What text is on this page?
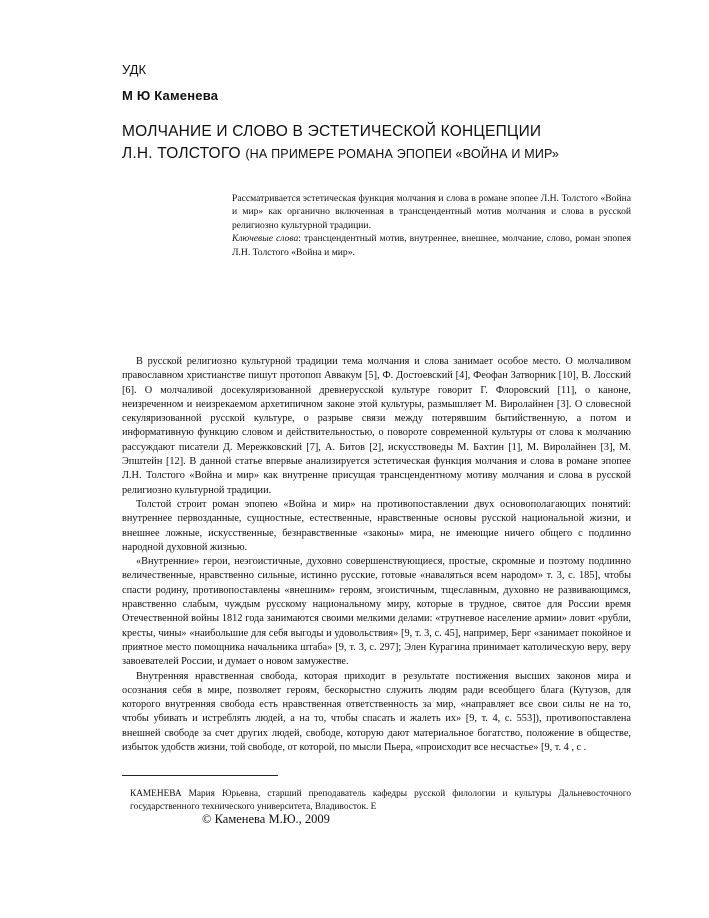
УДК
М Ю Каменева
МОЛЧАНИЕ И СЛОВО В ЭСТЕТИЧЕСКОЙ КОНЦЕПЦИИ
Л.Н. ТОЛСТОГО (НА ПРИМЕРЕ РОМАНА ЭПОПЕИ «ВОЙНА И МИР»

Рассматривается эстетическая функция молчания и слова в романе эпопее Л.Н. Толстого «Война и мир» как органично включенная в трансцендентный мотив молчания и слова в русской религиозно культурной традиции.

Ключевые слова: трансцендентный мотив, внутреннее, внешнее, молчание, слово, роман эпопея Л.Н. Толстого «Война и мир».

В русской религиозно культурной традиции тема молчания и слова занимает особое место. О молчаливом православном христианстве пишут протопоп Аввакум [5], Ф. Достоевский [4], Феофан Затворник [10], В. Лосский [6]. О молчаливой досекуляризованной древнерусской культуре говорит Г. Флоровский [11], о каноне, неизреченном и неизрекаемом архетипичном законе этой культуры, размышляет М. Виролайнен [3]. О словесной секуляризованной русской культуре, о разрыве связи между потерявшим бытийственную, а потом и информативную функцию словом и действительностью, о повороте современной культуры от слова к молчанию рассуждают писатели Д. Мережковский [7], А. Битов [2], искусствоведы М. Бахтин [1], М. Виролайнен [3], М. Эпштейн [12]. В данной статье впервые анализируется эстетическая функция молчания и слова в романе эпопее Л.Н. Толстого «Война и мир» как внутренне присущая трансцендентному мотиву молчания и слова в русской религиозно культурной традиции.

Толстой строит роман эпопею «Война и мир» на противопоставлении двух основополагающих понятий: внутреннее первозданные, сущностные, естественные, нравственные основы русской национальной жизни, и внешнее ложные, искусственные, безнравственные «законы» мира, не имеющие ничего общего с подлинно народной духовной жизнью.

«Внутренние» герои, неэгоистичные, духовно совершенствующиеся, простые, скромные и поэтому подлинно величественные, нравственно сильные, истинно русские, готовые «наваляться всем народом» т. 3, с. 185], чтобы спасти родину, противопоставлены «внешним» героям, эгоистичным, тщеславным, духовно не развивающимся, нравственно слабым, чуждым русскому национальному миру, которые в трудное, святое для России время Отечественной войны 1812 года занимаются своими мелкими делами: «трутневое население армии» ловит «рубли, кресты, чины» «наибольшие для себя выгоды и удовольствия» [9, т. 3, с. 45], например, Берг «занимает покойное и приятное место помощника начальника штаба» [9, т. 3, с. 297]; Элен Курагина принимает католическую веру, веру завоевателей России, и думает о новом замужестве.

Внутренняя нравственная свобода, которая приходит в результате постижения высших законов мира и осознания себя в мире, позволяет героям, бескорыстно служить людям ради всеобщего блага (Кутузов, для которого внутренняя свобода есть нравственная ответственность за мир, «направляет все свои силы не на то, чтобы убивать и истреблять людей, а на то, чтобы спасать и жалеть их» [9, т. 4, с. 553]), противопоставлена внешней свободе за счет других людей, свободе, которую дают материальное богатство, положение в обществе, избыток удобств жизни, той свободе, от которой, по мысли Пьера, «происходит все несчастье» [9, т. 4 , с .

КАМЕНЕВА Мария Юрьевна, старший преподаватель кафедры русской филологии и культуры Дальневосточного государственного технического университета, Владивосток. E
© Каменева М.Ю., 2009
